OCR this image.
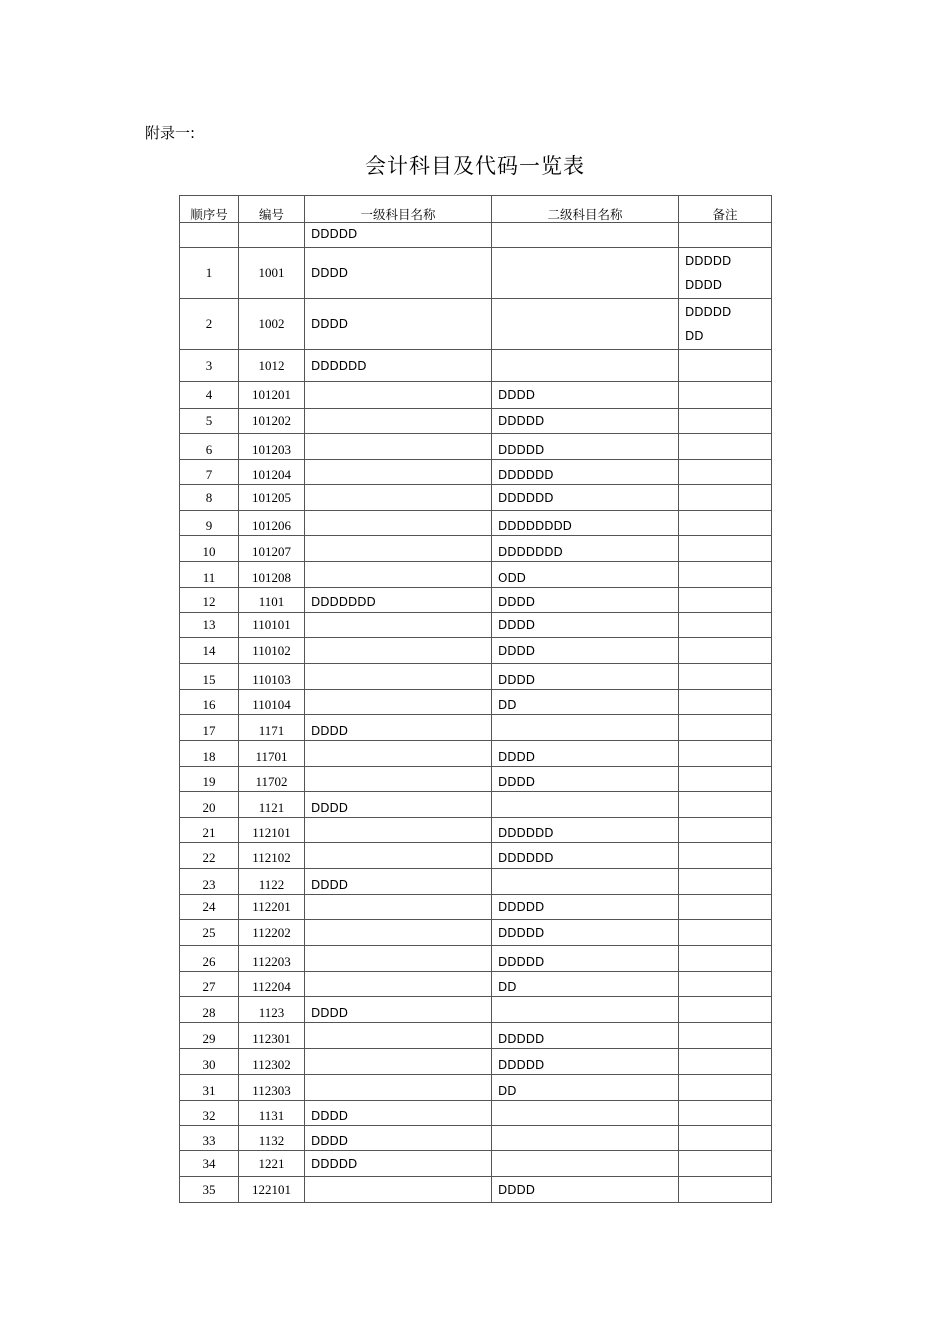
附录一:
会计科目及代码一览表
顺序号	编号	一级科目名称	二级科目名称	备注
		DDDDD		
1	1001	DDDD		DDDDD
DDDD
2	1002	DDDD		DDDDD
DD
3	1012	DDDDDD		
4	101201		DDDD	
5	101202		DDDDD	
6	101203		DDDDD	
7	101204		DDDDDD	
8	101205		DDDDDD	
9	101206		DDDDDDDD	
10	101207		DDDDDDD	
11	101208		ODD	
12	1101	DDDDDDD	DDDD	
13	110101		DDDD	
14	110102		DDDD	
15	110103		DDDD	
16	110104		DD	
17	1171	DDDD		
18	11701		DDDD	
19	11702		DDDD	
20	1121	DDDD		
21	112101		DDDDDD	
22	112102		DDDDDD	
23	1122	DDDD		
24	112201		DDDDD	
25	112202		DDDDD	
26	112203		DDDDD	
27	112204		DD	
28	1123	DDDD		
29	112301		DDDDD	
30	112302		DDDDD	
31	112303		DD	
32	1131	DDDD		
33	1132	DDDD		
34	1221	DDDDD		
35	122101		DDDD	
